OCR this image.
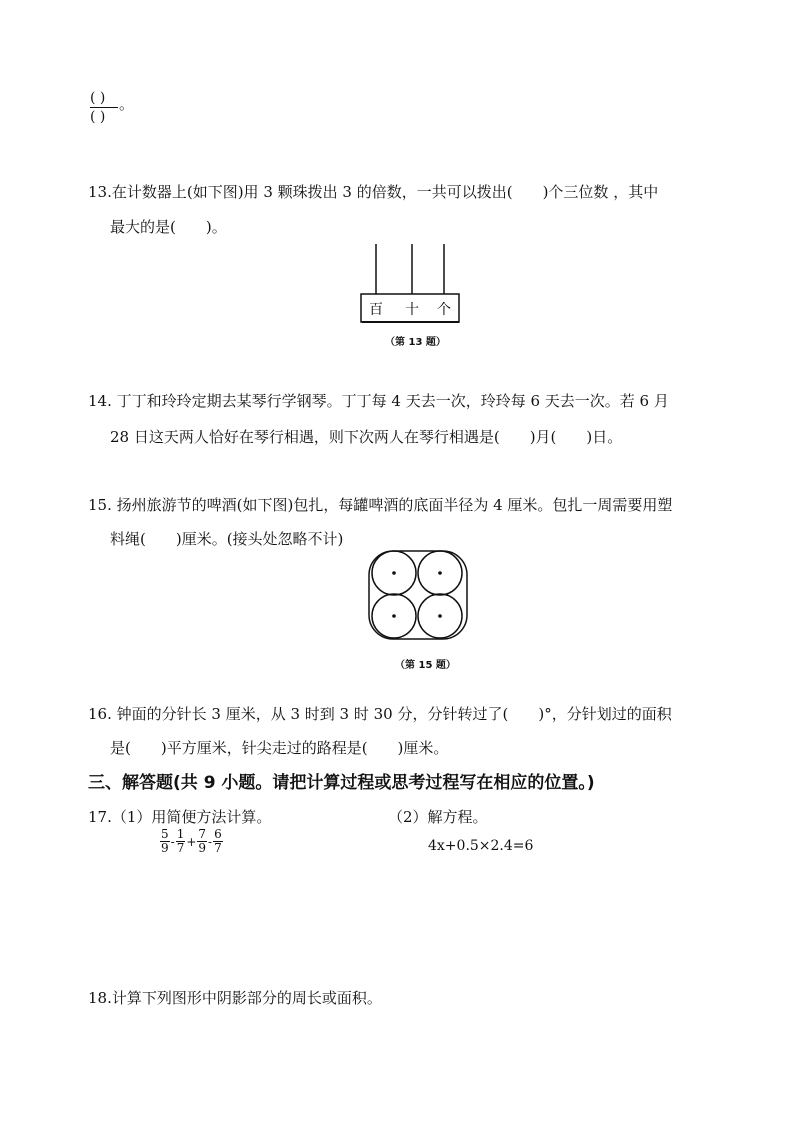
( )
( )
。
13.在计数器上(如下图)用 3 颗珠拨出 3 的倍数，一共可以拨出(　　)个三位数 ，其中
最大的是(　　)。
百 十 个
（第 13 题）
14. 丁丁和玲玲定期去某琴行学钢琴。丁丁每 4 天去一次，玲玲每 6 天去一次。若 6 月
28 日这天两人恰好在琴行相遇，则下次两人在琴行相遇是(　　)月(　　)日。
15. 扬州旅游节的啤酒(如下图)包扎，每罐啤酒的底面半径为 4 厘米。包扎一周需要用塑
料绳(　　)厘米。(接头处忽略不计)
（第 15 题）
16. 钟面的分针长 3 厘米，从 3 时到 3 时 30 分，分针转过了(　　)°，分针划过的面积
是(　　)平方厘米，针尖走过的路程是(　　)厘米。
三、解答题(共 9 小题。请把计算过程或思考过程写在相应的位置。)
17.（1）用简便方法计算。	（2）解方程。
$\frac{5}{9} - \frac{1}{7} + \frac{7}{9} - \frac{6}{7}$	4x+0.5×2.4=6
18.计算下列图形中阴影部分的周长或面积。
